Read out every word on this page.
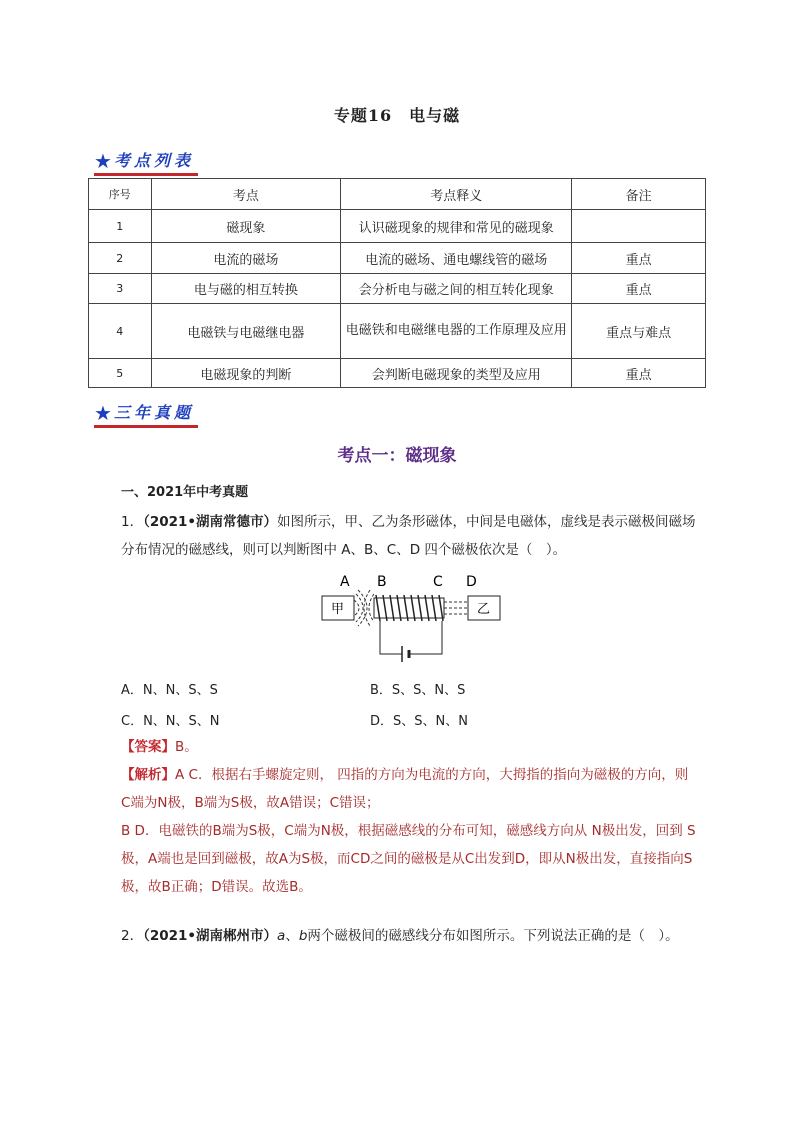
专题16　电与磁
★ 考点列表
序号	考点	考点释义	备注
1	磁现象	认识磁现象的规律和常见的磁现象	
2	电流的磁场	电流的磁场、通电螺线管的磁场	重点
3	电与磁的相互转换	会分析电与磁之间的相互转化现象	重点
4	电磁铁与电磁继电器	电磁铁和电磁继电器的工作原理及应用	重点与难点
5	电磁现象的判断	会判断电磁现象的类型及应用	重点
★ 三年真题
考点一：磁现象
一、2021年中考真题
1．（2021•湖南常德市）如图所示，甲、乙为条形磁体，中间是电磁体，虚线是表示磁极间磁场分布情况的磁感线，则可以判断图中 A、B、C、D 四个磁极依次是（　）。
A B	C D
甲	乙
A．N、N、S、S	B．S、S、N、S
C．N、N、S、N	D．S、S、N、N
【答案】B。
【解析】A C．根据右手螺旋定则， 四指的方向为电流的方向，大拇指的指向为磁极的方向，则C端为N极，B端为S极，故A错误；C错误；
B D．电磁铁的B端为S极，C端为N极，根据磁感线的分布可知，磁感线方向从 N极出发，回到 S极，A端也是回到磁极，故A为S极，而CD之间的磁极是从C出发到D，即从N极出发，直接指向S极，故B正确；D错误。故选B。
2．（2021•湖南郴州市）a、b两个磁极间的磁感线分布如图所示。下列说法正确的是（　）。
